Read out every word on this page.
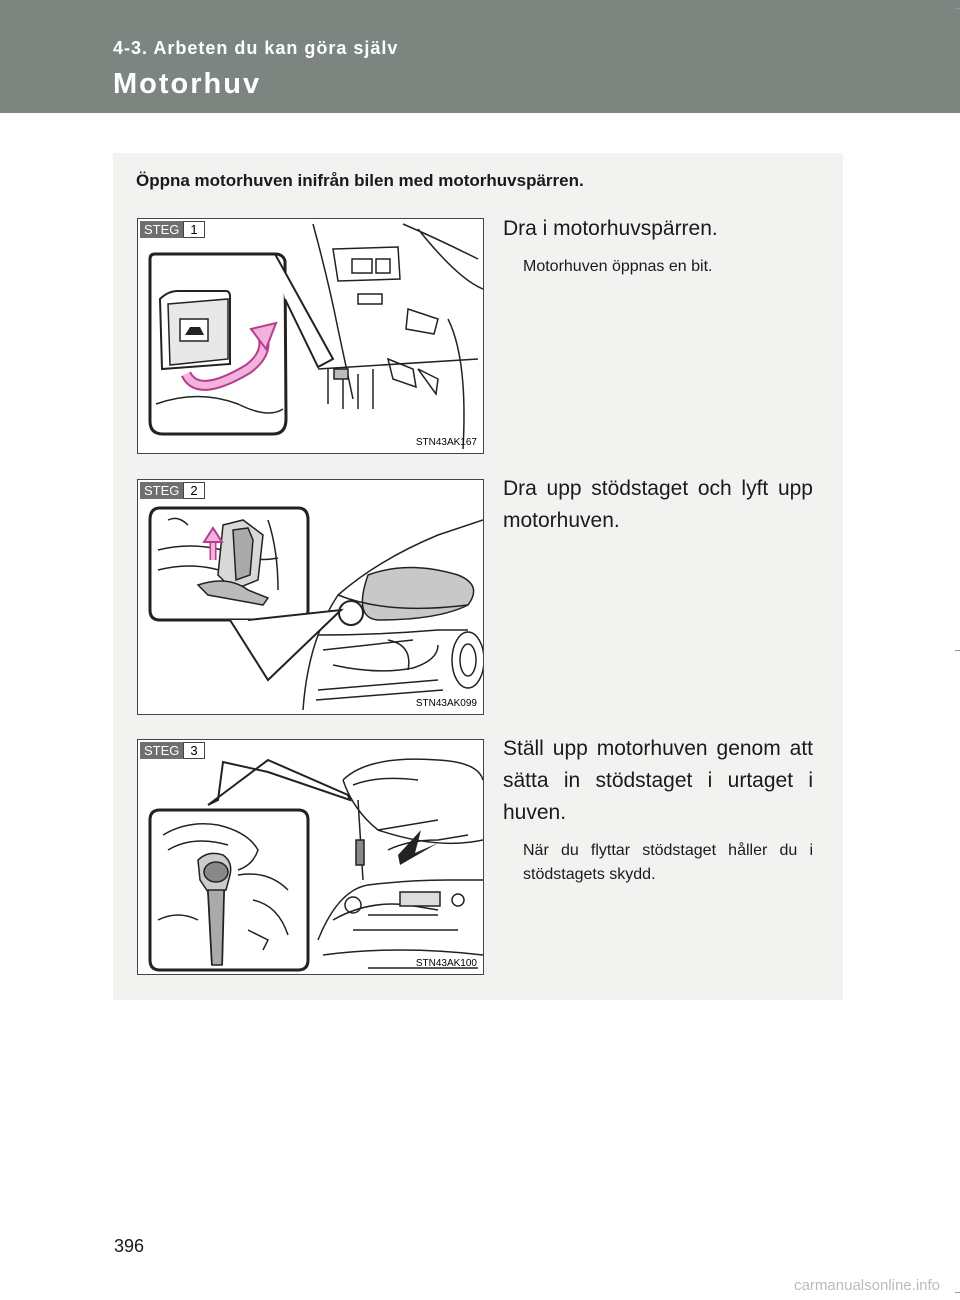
4-3. Arbeten du kan göra själv
Motorhuv
Öppna motorhuven inifrån bilen med motorhuvspärren.
STEG 1
STN43AK167
Dra i motorhuvspärren.
Motorhuven öppnas en bit.
STEG 2
STN43AK099
Dra upp stödstaget och lyft upp motorhuven.
STEG 3
STN43AK100
Ställ upp motorhuven genom att sätta in stödstaget i urtaget i huven.
När du flyttar stödstaget håller du i stödstagets skydd.
396
carmanualsonline.info
